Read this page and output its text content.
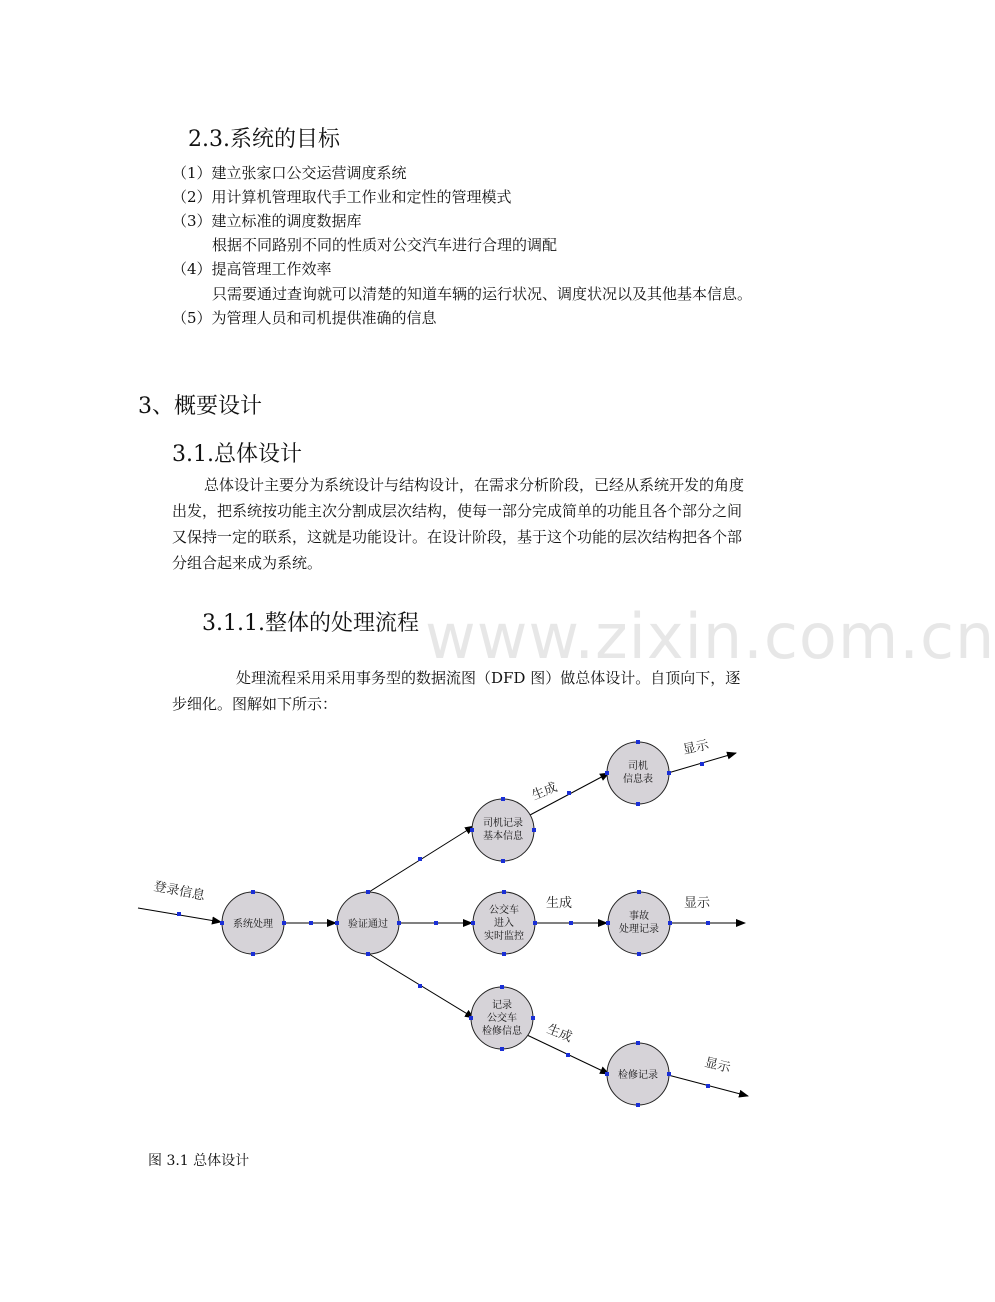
www.zixin.com.cn
2.3.系统的目标
（1）建立张家口公交运营调度系统
（2）用计算机管理取代手工作业和定性的管理模式
（3）建立标准的调度数据库
根据不同路别不同的性质对公交汽车进行合理的调配
（4）提高管理工作效率
只需要通过查询就可以清楚的知道车辆的运行状况、调度状况以及其他基本信息。
（5）为管理人员和司机提供准确的信息
3、概要设计
3.1.总体设计
总体设计主要分为系统设计与结构设计，在需求分析阶段，已经从系统开发的角度
出发，把系统按功能主次分割成层次结构，使每一部分完成简单的功能且各个部分之间
又保持一定的联系，这就是功能设计。在设计阶段，基于这个功能的层次结构把各个部
分组合起来成为系统。
3.1.1.整体的处理流程
处理流程采用采用事务型的数据流图（DFD 图）做总体设计。自顶向下，逐
步细化。图解如下所示：
系统处理	验证通过
司机记录
基本信息
司机
信息表
公交车
进入
实时监控
事故
处理记录
记录
公交车
检修信息
检修记录
登录信息
生成
显示
生成	显示
生成
显示
图 3.1 总体设计
